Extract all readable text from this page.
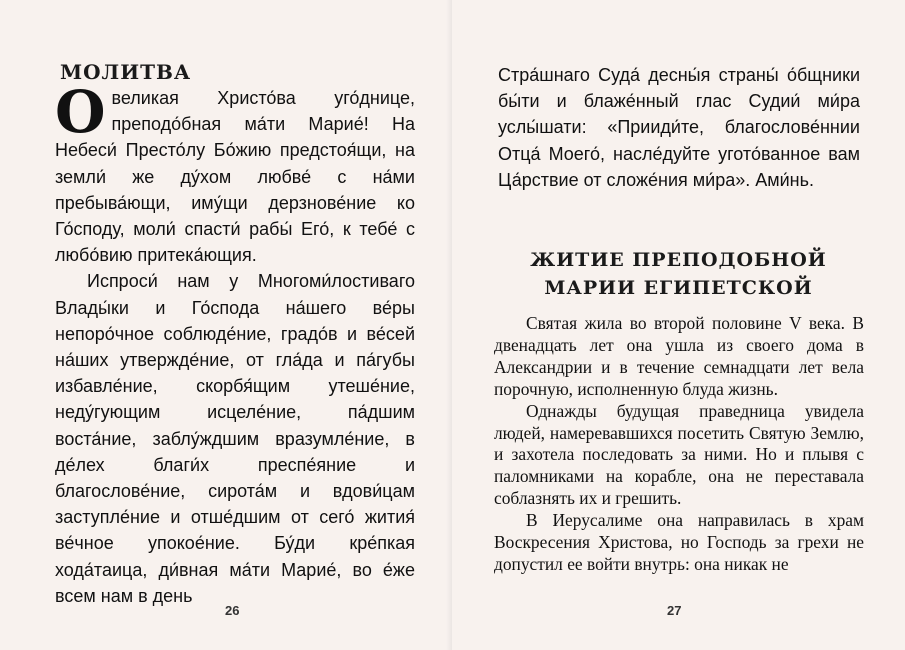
МОЛИТВА

Овеликая Христо́ва уго́днице, преподо́бная ма́ти Марие́! На Небеси́ Престо́лу Бо́жию предстоя́щи, на земли́ же ду́хом любве́ с на́ми пребыва́ющи, иму́щи дерзнове́ние ко Го́споду, моли́ спасти́ рабы́ Его́, к тебе́ с любо́вию притека́ющия.

Испроси́ нам у Многоми́лостиваго Влады́ки и Го́спода на́шего ве́ры непоро́чное соблюде́ние, градо́в и ве́сей на́ших утвержде́ние, от гла́да и па́губы избавле́ние, скорбя́щим утеше́ние, неду́гующим исцеле́ние, па́дшим воста́ние, заблу́ждшим вразумле́ние, в де́лех благи́х преспе́яние и благослове́ние, сирота́м и вдови́цам заступле́ние и отше́дшим от сего́ жития́ ве́чное упокое́ние. Бу́ди кре́пкая хода́таица, ди́вная ма́ти Марие́, во е́же всем нам в день

26
Стра́шнаго Суда́ десны́я страны́ о́бщники бы́ти и блаже́нный глас Судии́ ми́ра услы́шати: «Прииди́те, благослове́ннии Отца́ Моего́, насле́дуйте угото́ванное вам Ца́рствие от сложе́ния ми́ра». Ами́нь.
ЖИТИЕ ПРЕПОДОБНОЙ
МАРИИ ЕГИПЕТСКОЙ

Святая жила во второй половине V века. В двенадцать лет она ушла из своего дома в Александрии и в течение семнадцати лет вела порочную, исполненную блуда жизнь.

Однажды будущая праведница увидела людей, намеревавшихся посетить Святую Землю, и захотела последовать за ними. Но и плывя с паломниками на корабле, она не переставала соблазнять их и грешить.

В Иерусалиме она направилась в храм Воскресения Христова, но Господь за грехи не допустил ее войти внутрь: она никак не

27
